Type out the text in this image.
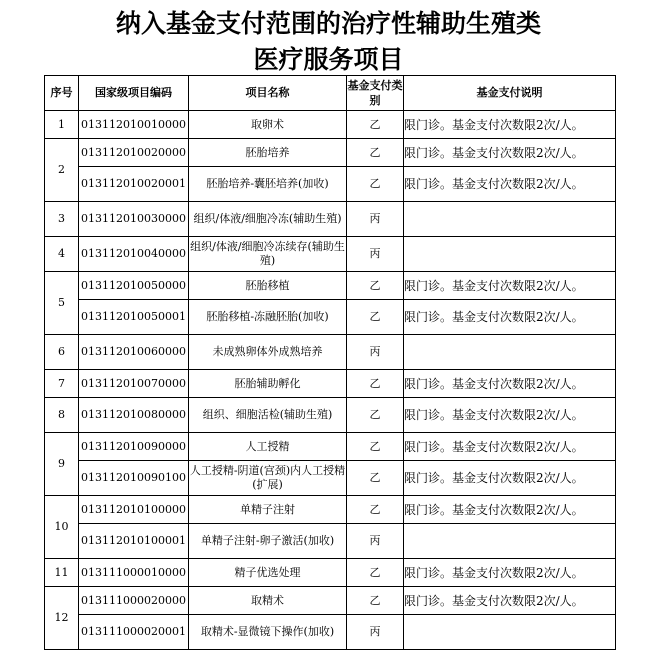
纳入基金支付范围的治疗性辅助生殖类
医疗服务项目
序号	国家级项目编码	项目名称	基金支付类别	基金支付说明
1	013112010010000	取卵术	乙	限门诊。基金支付次数限2次/人。
2	013112010020000	胚胎培养	乙	限门诊。基金支付次数限2次/人。
	013112010020001	胚胎培养-囊胚培养(加收)	乙	限门诊。基金支付次数限2次/人。
3	013112010030000	组织/体液/细胞冷冻(辅助生殖)	丙	
4	013112010040000	组织/体液/细胞冷冻续存(辅助生殖)	丙	
5	013112010050000	胚胎移植	乙	限门诊。基金支付次数限2次/人。
	013112010050001	胚胎移植-冻融胚胎(加收)	乙	限门诊。基金支付次数限2次/人。
6	013112010060000	未成熟卵体外成熟培养	丙	
7	013112010070000	胚胎辅助孵化	乙	限门诊。基金支付次数限2次/人。
8	013112010080000	组织、细胞活检(辅助生殖)	乙	限门诊。基金支付次数限2次/人。
9	013112010090000	人工授精	乙	限门诊。基金支付次数限2次/人。
	013112010090100	人工授精-阴道(宫颈)内人工授精(扩展)	乙	限门诊。基金支付次数限2次/人。
10	013112010100000	单精子注射	乙	限门诊。基金支付次数限2次/人。
	013112010100001	单精子注射-卵子激活(加收)	丙	
11	013111000010000	精子优选处理	乙	限门诊。基金支付次数限2次/人。
12	013111000020000	取精术	乙	限门诊。基金支付次数限2次/人。
	013111000020001	取精术-显微镜下操作(加收)	丙	
